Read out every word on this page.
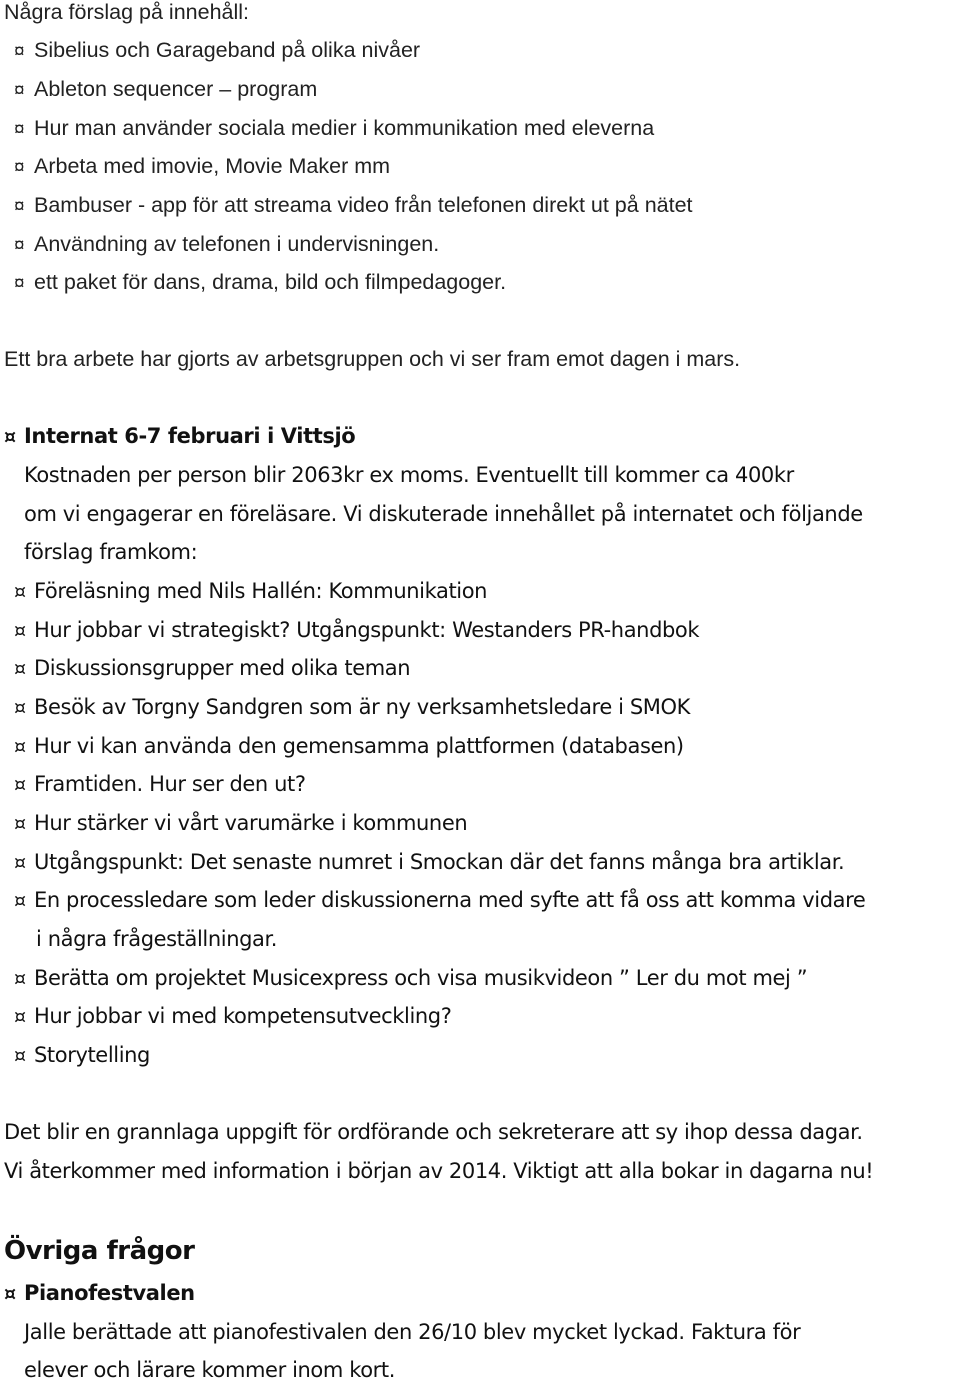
Några förslag på innehåll:
¤ Sibelius och Garageband på olika nivåer
¤ Ableton sequencer – program
¤ Hur man använder sociala medier i kommunikation med eleverna
¤ Arbeta med imovie, Movie Maker mm
¤ Bambuser - app för att streama video från telefonen direkt ut på nätet
¤ Användning av telefonen i undervisningen.
¤ ett paket för dans, drama, bild och filmpedagoger.
Ett bra arbete har gjorts av arbetsgruppen och vi ser fram emot dagen i mars.
¤ Internat 6-7 februari i Vittsjö
Kostnaden per person blir 2063kr ex moms. Eventuellt till kommer ca 400kr
om vi engagerar en föreläsare. Vi diskuterade innehållet på internatet och följande
förslag framkom:
¤ Föreläsning med Nils Hallén: Kommunikation
¤ Hur jobbar vi strategiskt? Utgångspunkt: Westanders PR-handbok
¤ Diskussionsgrupper med olika teman
¤ Besök av Torgny Sandgren som är ny verksamhetsledare i SMOK
¤ Hur vi kan använda den gemensamma plattformen (databasen)
¤ Framtiden. Hur ser den ut?
¤ Hur stärker vi vårt varumärke i kommunen
¤ Utgångspunkt: Det senaste numret i Smockan där det fanns många bra artiklar.
¤ En processledare som leder diskussionerna med syfte att få oss att komma vidare
i några frågeställningar.
¤ Berätta om projektet Musicexpress och visa musikvideon ” Ler du mot mej ”
¤ Hur jobbar vi med kompetensutveckling?
¤ Storytelling
Det blir en grannlaga uppgift för ordförande och sekreterare att sy ihop dessa dagar.
Vi återkommer med information i början av 2014. Viktigt att alla bokar in dagarna nu!
Övriga frågor
¤ Pianofestvalen
Jalle berättade att pianofestivalen den 26/10 blev mycket lyckad. Faktura för
elever och lärare kommer inom kort.
